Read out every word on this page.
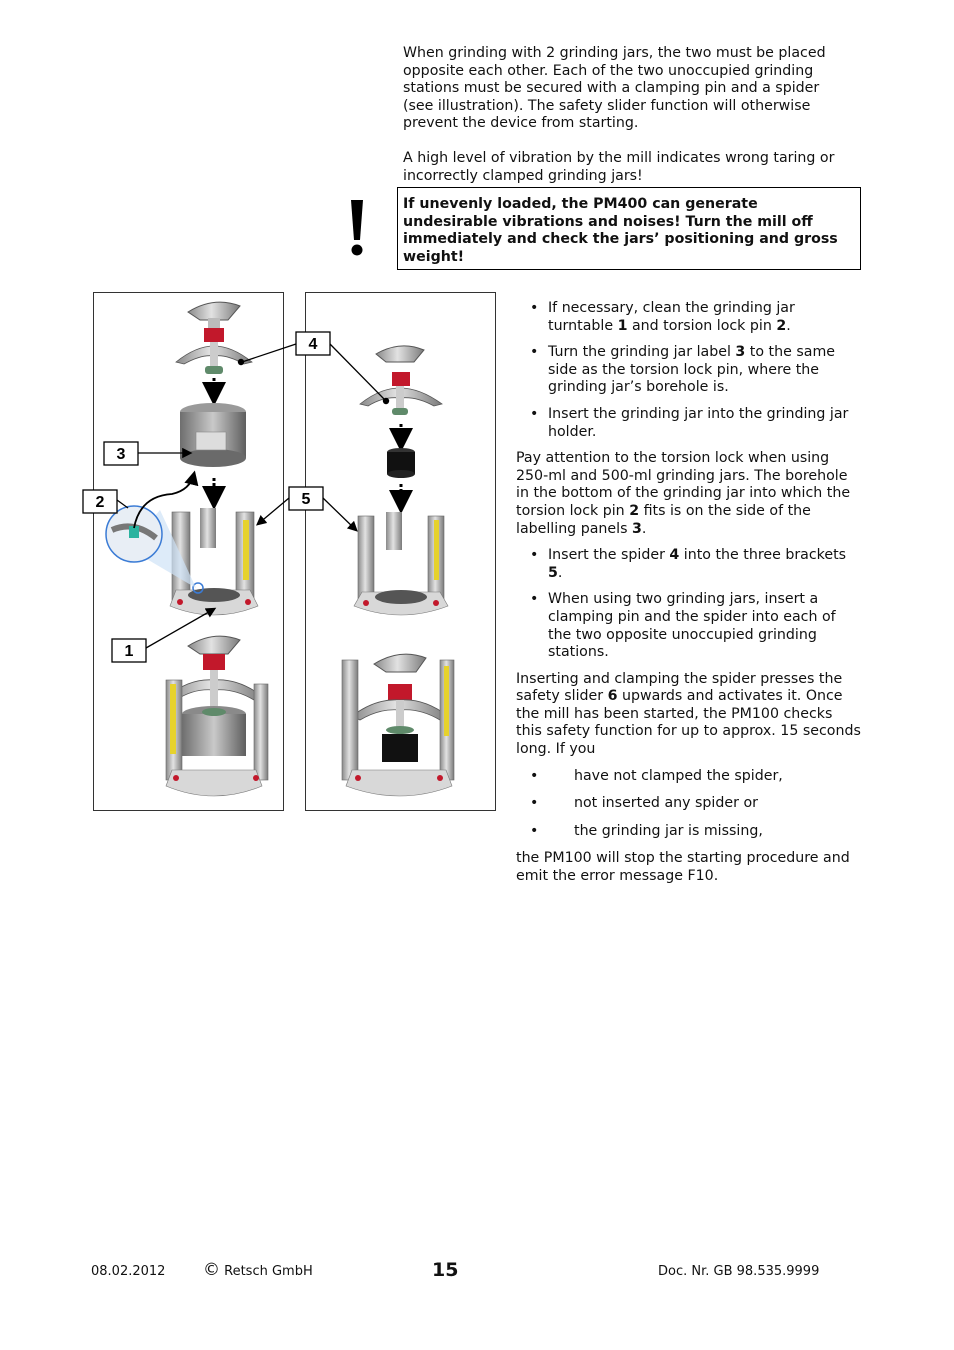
When grinding with 2 grinding jars, the two must be placed opposite each other. Each of the two unoccupied grinding stations must be secured with a clamping pin and a spider (see illustration). The safety slider function will otherwise prevent the device from starting.

A high level of vibration by the mill indicates wrong taring or incorrectly clamped grinding jars!

If unevenly loaded, the PM400 can generate undesirable vibrations and noises! Turn the mill off immediately and check the jars’ positioning and gross weight!
4
3
2	5
1
• If necessary, clean the grinding jar turntable 1 and torsion lock pin 2.
• Turn the grinding jar label 3 to the same side as the torsion lock pin, where the grinding jar’s borehole is.
• Insert the grinding jar into the grinding jar holder.

Pay attention to the torsion lock when using 250-ml and 500-ml grinding jars. The borehole in the bottom of the grinding jar into which the torsion lock pin 2 fits is on the side of the labelling panels 3.

• Insert the spider 4 into the three brackets 5.
• When using two grinding jars, insert a clamping pin and the spider into each of the two opposite unoccupied grinding stations.

Inserting and clamping the spider presses the safety slider 6 upwards and activates it. Once the mill has been started, the PM100 checks this safety function for up to approx. 15 seconds long. If you

•	have not clamped the spider,
•	not inserted any spider or
•	the grinding jar is missing,

the PM100 will stop the starting procedure and emit the error message F10.

08.02.2012 © Retsch GmbH	15	Doc. Nr. GB 98.535.9999
